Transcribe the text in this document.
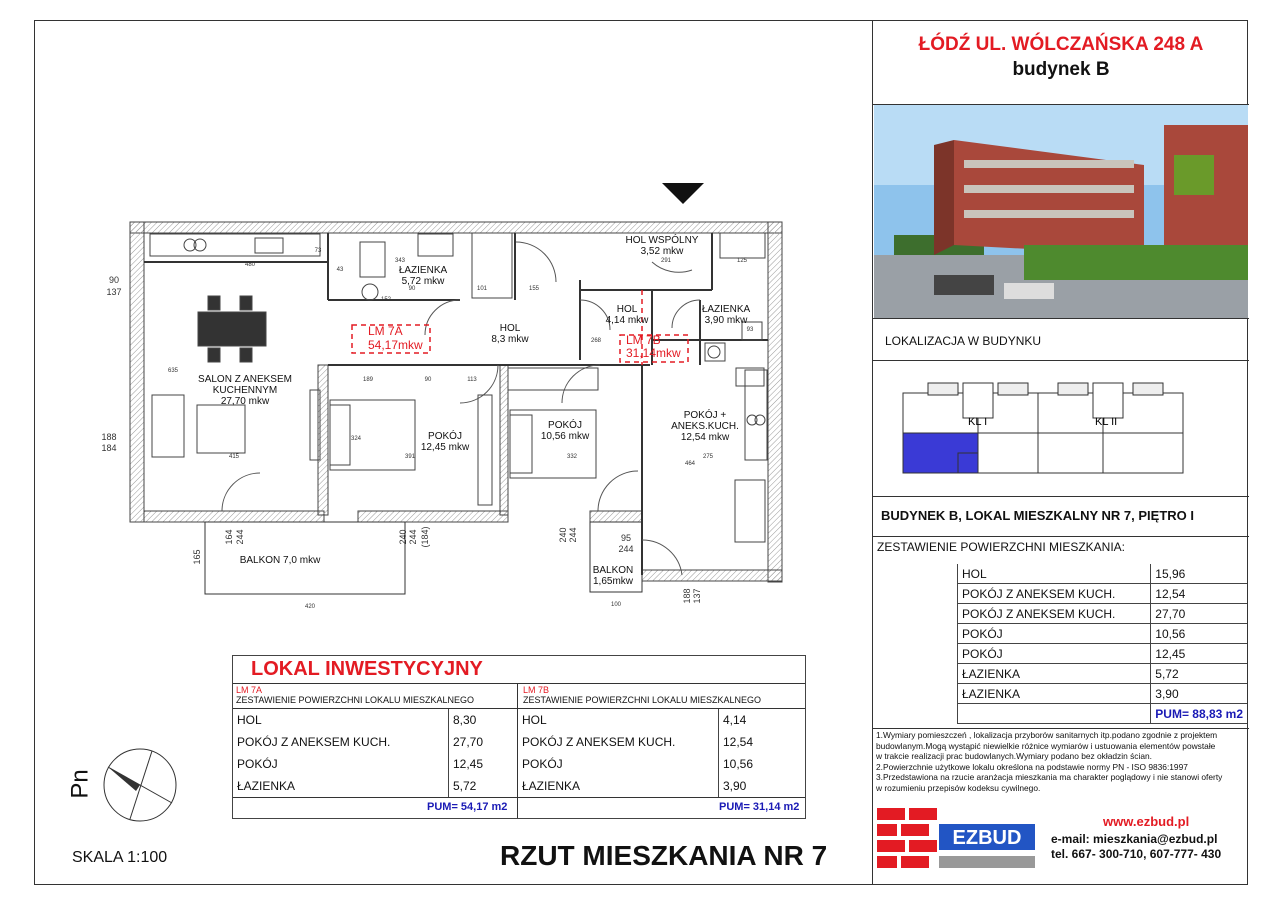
HOL WSPÓLNY
3,52 mkw
ŁAZIENKA
5,72 mkw
HOL
8,3 mkw
HOL
4,14 mkw
ŁAZIENKA
3,90 mkw
SALON Z ANEKSEM
KUCHENNYM
27,70 mkw
POKÓJ
12,45 mkw
POKÓJ
10,56 mkw
POKÓJ +
ANEKS.KUCH.
12,54 mkw
BALKON 7,0 mkw
BALKON
1,65mkw
LM 7A
54,17mkw	LM 7B
31,14mkw
480
343
90	101	155
291	125
189	90	113
268
415	391	332	275
420	100
635
464
324
73
43
152
93
90
137
188
184
164 244
165
240 244 (184)	240 244	95
244
188 137
LOKAL INWESTYCYJNY
LM 7A
ZESTAWIENIE POWIERZCHNI LOKALU MIESZKALNEGO
LM 7B
ZESTAWIENIE POWIERZCHNI LOKALU MIESZKALNEGO
HOL	8,30
POKÓJ Z ANEKSEM KUCH.	27,70
POKÓJ	12,45
ŁAZIENKA	5,72
HOL	4,14
POKÓJ Z ANEKSEM KUCH.	12,54
POKÓJ	10,56
ŁAZIENKA	3,90
PUM= 54,17 m2	PUM= 31,14 m2
Pn
SKALA 1:100	RZUT MIESZKANIA NR 7
ŁÓDŹ UL. WÓLCZAŃSKA 248 A
budynek B
LOKALIZACJA W BUDYNKU
KL I	KL II
BUDYNEK B, LOKAL MIESZKALNY NR 7, PIĘTRO I
ZESTAWIENIE POWIERZCHNI MIESZKANIA:
HOL	15,96
POKÓJ Z ANEKSEM KUCH.	12,54
POKÓJ Z ANEKSEM KUCH.	27,70
POKÓJ	10,56
POKÓJ	12,45
ŁAZIENKA	5,72
ŁAZIENKA	3,90
	PUM= 88,83 m2
1.Wymiary pomieszczeń , lokalizacja przyborów sanitarnych itp.podano zgodnie z projektem
budowlanym.Mogą wystąpić niewielkie różnice wymiarów i ustuowania elementów powstałe
w trakcie realizacji prac budowlanych.Wymiary podano bez okładzin ścian.
2.Powierzchnie użytkowe lokalu określona na podstawie normy PN - ISO 9836:1997
3.Przedstawiona na rzucie aranżacja mieszkania ma charakter poglądowy i nie stanowi oferty
w rozumieniu przepisów kodeksu cywilnego.
EZBUD
www.ezbud.pl
e-mail: mieszkania@ezbud.pl
tel. 667- 300-710, 607-777- 430
